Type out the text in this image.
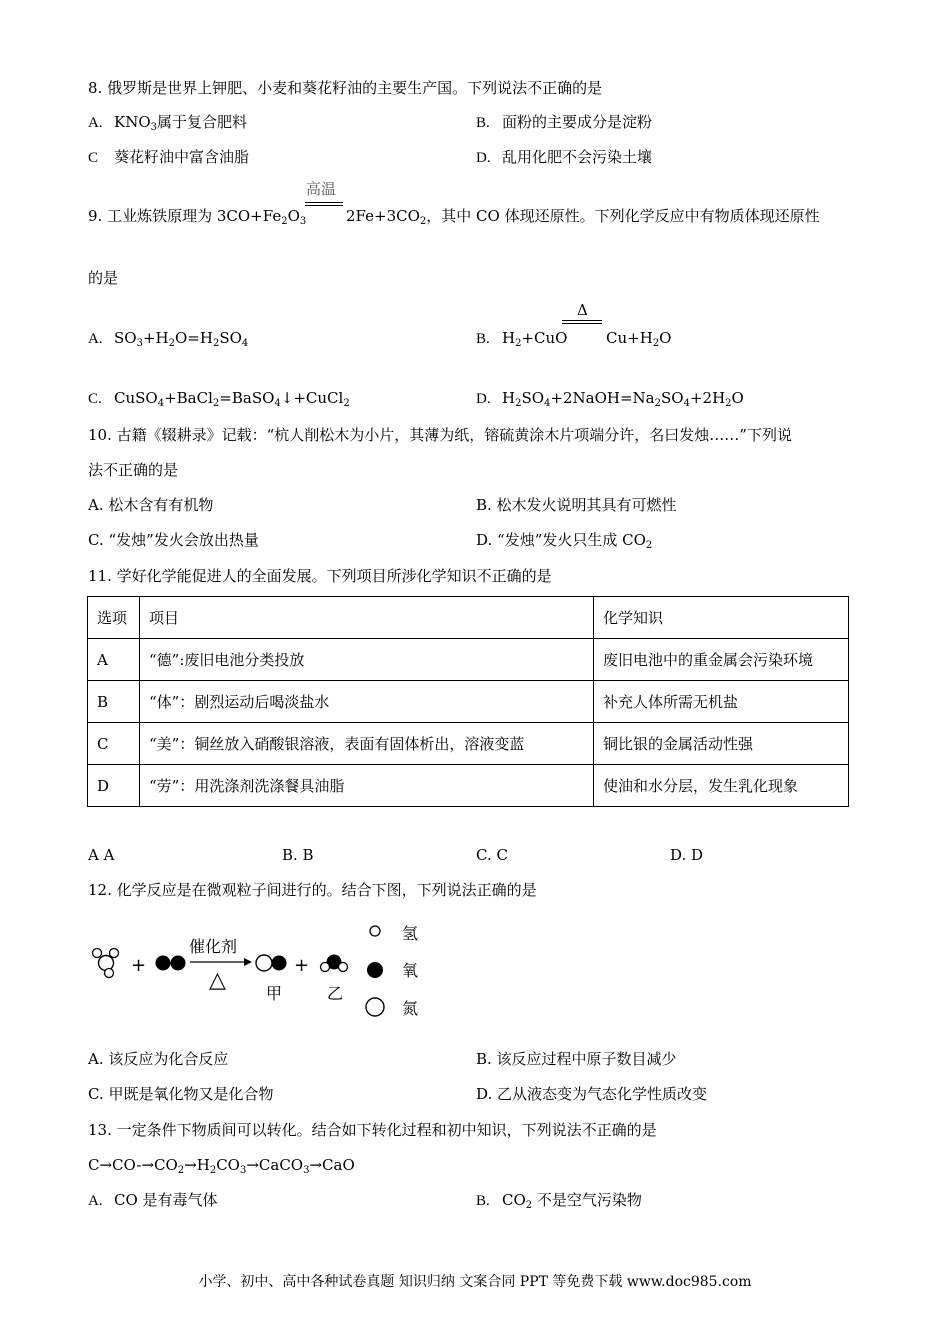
8. 俄罗斯是世界上钾肥、小麦和葵花籽油的主要生产国。下列说法不正确的是
A. $KNO_3$属于复合肥料	B. 面粉的主要成分是淀粉
C 葵花籽油中富含油脂	D. 乱用化肥不会污染土壤
9. 工业炼铁原理为 $3CO+Fe_2O_3$
高温
$2Fe+3CO_2$，其中 CO 体现还原性。下列化学反应中有物质体现还原性
的是
A. $SO_3+H_2O=H_2SO_4$	B. $H_2+CuO$
Δ
$Cu+H_2O$
C. CuSO$_4$+BaCl$_2$=BaSO$_4$↓+CuCl$_2$	D. $H_2SO_4+2NaOH=Na_2SO_4+2H_2O$
10. 古籍《辍耕录》记载：“杭人削松木为小片，其薄为纸，镕硫黄涂木片项端分许，名曰发烛……”下列说
法不正确的是
A. 松木含有有机物	B. 松木发火说明其具有可燃性
C. “发烛”发火会放出热量	D. “发烛”发火只生成 $CO_2$
11. 学好化学能促进人的全面发展。下列项目所涉化学知识不正确的是
选项	项目	化学知识
A	“德”:废旧电池分类投放	废旧电池中的重金属会污染环境
B	“体”：剧烈运动后喝淡盐水	补充人体所需无机盐
C	“美”：铜丝放入硝酸银溶液，表面有固体析出，溶液变蓝	铜比银的金属活动性强
D	“劳”：用洗涤剂洗涤餐具油脂	使油和水分层，发生乳化现象
A A	B. B	C. C	D. D
12. 化学反应是在微观粒子间进行的。结合下图，下列说法正确的是
+
催化剂
△
甲
+
乙
氢
氧
氮
A. 该反应为化合反应	B. 该反应过程中原子数目减少
C. 甲既是氧化物又是化合物	D. 乙从液态变为气态化学性质改变
13. 一定条件下物质间可以转化。结合如下转化过程和初中知识，下列说法不正确的是
$C\to CO-\to CO_2\to H_2CO_3\to CaCO_3\to CaO$
A. CO 是有毒气体	B. $CO_2$ 不是空气污染物
小学、初中、高中各种试卷真题 知识归纳 文案合同 PPT 等免费下载 www.doc985.com
